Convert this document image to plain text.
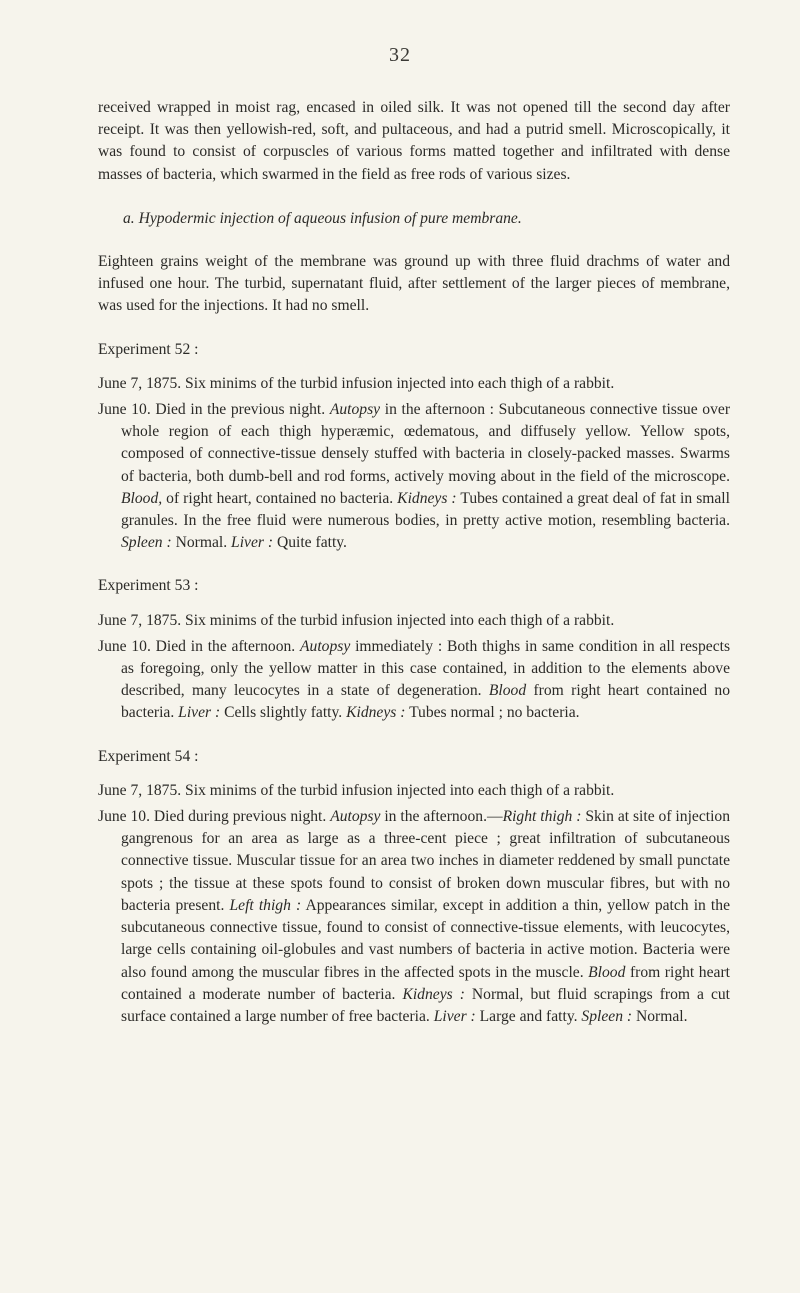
32

received wrapped in moist rag, encased in oiled silk. It was not opened till the second day after receipt. It was then yellowish-red, soft, and pultaceous, and had a putrid smell. Microscopically, it was found to consist of corpuscles of various forms matted together and infiltrated with dense masses of bacteria, which swarmed in the field as free rods of various sizes.

a. Hypodermic injection of aqueous infusion of pure membrane.

Eighteen grains weight of the membrane was ground up with three fluid drachms of water and infused one hour. The turbid, supernatant fluid, after settlement of the larger pieces of membrane, was used for the injections. It had no smell.

Experiment 52 :

June 7, 1875. Six minims of the turbid infusion injected into each thigh of a rabbit.

June 10. Died in the previous night. Autopsy in the afternoon : Subcutaneous connective tissue over whole region of each thigh hyperæmic, œdematous, and diffusely yellow. Yellow spots, composed of connective-tissue densely stuffed with bacteria in closely-packed masses. Swarms of bacteria, both dumb-bell and rod forms, actively moving about in the field of the microscope. Blood, of right heart, contained no bacteria. Kidneys : Tubes contained a great deal of fat in small granules. In the free fluid were numerous bodies, in pretty active motion, resembling bacteria. Spleen : Normal. Liver : Quite fatty.

Experiment 53 :

June 7, 1875. Six minims of the turbid infusion injected into each thigh of a rabbit.

June 10. Died in the afternoon. Autopsy immediately : Both thighs in same condition in all respects as foregoing, only the yellow matter in this case contained, in addition to the elements above described, many leucocytes in a state of degeneration. Blood from right heart contained no bacteria. Liver : Cells slightly fatty. Kidneys : Tubes normal ; no bacteria.

Experiment 54 :

June 7, 1875. Six minims of the turbid infusion injected into each thigh of a rabbit.

June 10. Died during previous night. Autopsy in the afternoon.—Right thigh : Skin at site of injection gangrenous for an area as large as a three-cent piece ; great infiltration of subcutaneous connective tissue. Muscular tissue for an area two inches in diameter reddened by small punctate spots ; the tissue at these spots found to consist of broken down muscular fibres, but with no bacteria present. Left thigh : Appearances similar, except in addition a thin, yellow patch in the subcutaneous connective tissue, found to consist of connective-tissue elements, with leucocytes, large cells containing oil-globules and vast numbers of bacteria in active motion. Bacteria were also found among the muscular fibres in the affected spots in the muscle. Blood from right heart contained a moderate number of bacteria. Kidneys : Normal, but fluid scrapings from a cut surface contained a large number of free bacteria. Liver : Large and fatty. Spleen : Normal.
